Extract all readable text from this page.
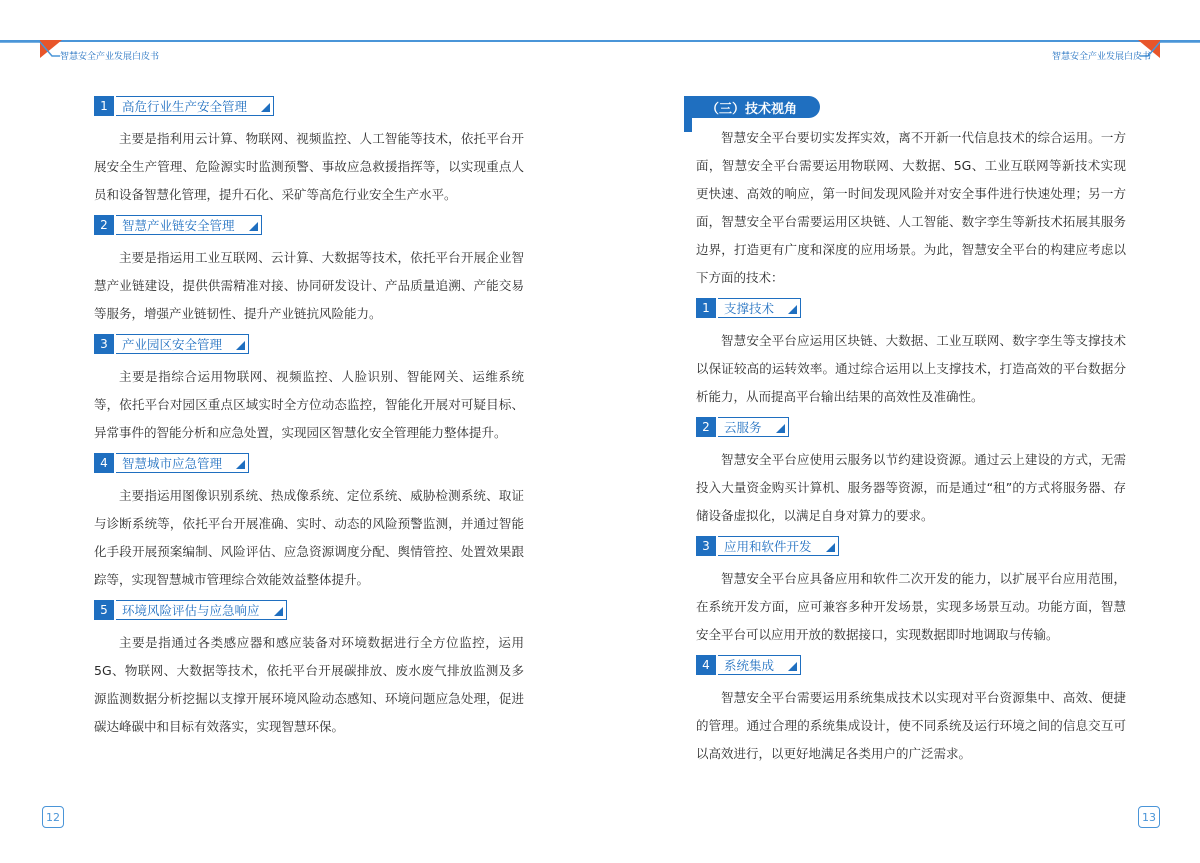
智慧安全产业发展白皮书	智慧安全产业发展白皮书
1	高危行业生产安全管理

主要是指利用云计算、物联网、视频监控、人工智能等技术，依托平台开展安全生产管理、危险源实时监测预警、事故应急救援指挥等，以实现重点人员和设备智慧化管理，提升石化、采矿等高危行业安全生产水平。

2	智慧产业链安全管理

主要是指运用工业互联网、云计算、大数据等技术，依托平台开展企业智慧产业链建设，提供供需精准对接、协同研发设计、产品质量追溯、产能交易等服务，增强产业链韧性、提升产业链抗风险能力。

3	产业园区安全管理

主要是指综合运用物联网、视频监控、人脸识别、智能网关、运维系统等，依托平台对园区重点区域实时全方位动态监控，智能化开展对可疑目标、异常事件的智能分析和应急处置，实现园区智慧化安全管理能力整体提升。

4	智慧城市应急管理

主要指运用图像识别系统、热成像系统、定位系统、威胁检测系统、取证与诊断系统等，依托平台开展准确、实时、动态的风险预警监测，并通过智能化手段开展预案编制、风险评估、应急资源调度分配、舆情管控、处置效果跟踪等，实现智慧城市管理综合效能效益整体提升。

5	环境风险评估与应急响应

主要是指通过各类感应器和感应装备对环境数据进行全方位监控，运用5G、物联网、大数据等技术，依托平台开展碳排放、废水废气排放监测及多源监测数据分析挖掘以支撑开展环境风险动态感知、环境问题应急处理，促进碳达峰碳中和目标有效落实，实现智慧环保。

（三）技术视角

智慧安全平台要切实发挥实效，离不开新一代信息技术的综合运用。一方面，智慧安全平台需要运用物联网、大数据、5G、工业互联网等新技术实现更快速、高效的响应，第一时间发现风险并对安全事件进行快速处理；另一方面，智慧安全平台需要运用区块链、人工智能、数字孪生等新技术拓展其服务边界，打造更有广度和深度的应用场景。为此，智慧安全平台的构建应考虑以下方面的技术：

1	支撑技术

智慧安全平台应运用区块链、大数据、工业互联网、数字孪生等支撑技术以保证较高的运转效率。通过综合运用以上支撑技术，打造高效的平台数据分析能力，从而提高平台输出结果的高效性及准确性。

2	云服务

智慧安全平台应使用云服务以节约建设资源。通过云上建设的方式，无需投入大量资金购买计算机、服务器等资源，而是通过“租”的方式将服务器、存储设备虚拟化，以满足自身对算力的要求。

3	应用和软件开发

智慧安全平台应具备应用和软件二次开发的能力，以扩展平台应用范围，在系统开发方面，应可兼容多种开发场景，实现多场景互动。功能方面，智慧安全平台可以应用开放的数据接口，实现数据即时地调取与传输。

4	系统集成

智慧安全平台需要运用系统集成技术以实现对平台资源集中、高效、便捷的管理。通过合理的系统集成设计，使不同系统及运行环境之间的信息交互可以高效进行，以更好地满足各类用户的广泛需求。

12	13
